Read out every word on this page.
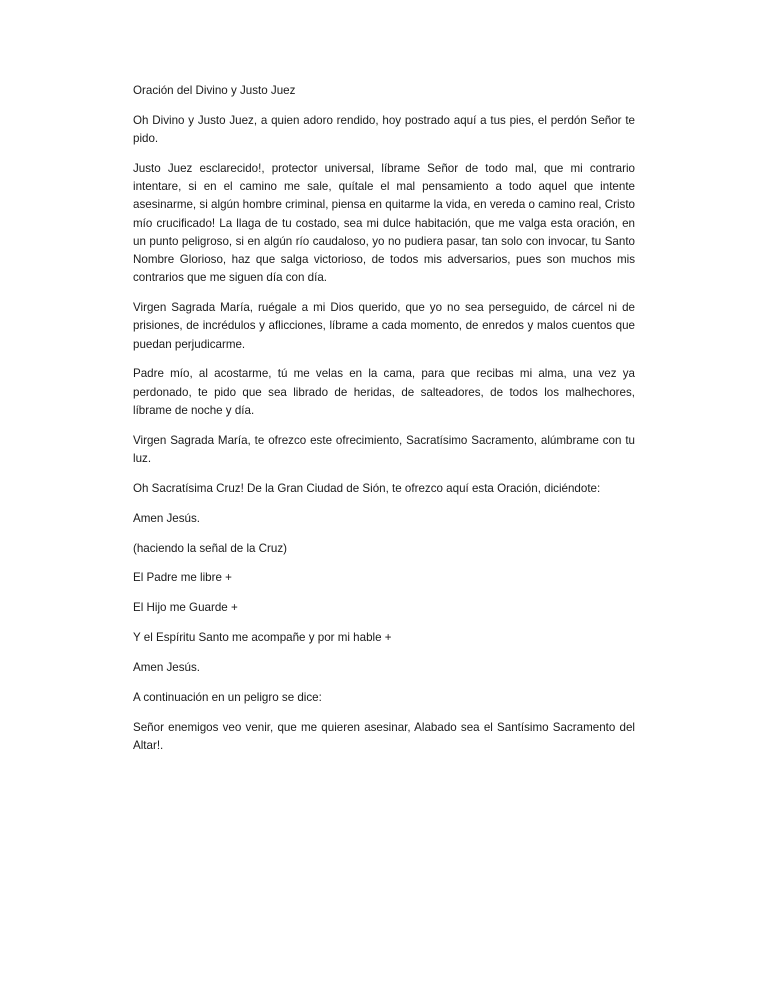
Oración del Divino y Justo Juez

Oh Divino y Justo Juez, a quien adoro rendido, hoy postrado aquí a tus pies, el perdón Señor te pido.

Justo Juez esclarecido!, protector universal, líbrame Señor de todo mal, que mi contrario intentare, si en el camino me sale, quítale el mal pensamiento a todo aquel que intente asesinarme, si algún hombre criminal, piensa en quitarme la vida, en vereda o camino real, Cristo mío crucificado! La llaga de tu costado, sea mi dulce habitación, que me valga esta oración, en un punto peligroso, si en algún río caudaloso, yo no pudiera pasar, tan solo con invocar, tu Santo Nombre Glorioso, haz que salga victorioso, de todos mis adversarios, pues son muchos mis contrarios que me siguen día con día.

Virgen Sagrada María, ruégale a mi Dios querido, que yo no sea perseguido, de cárcel ni de prisiones, de incrédulos y aflicciones, líbrame a cada momento, de enredos y malos cuentos que puedan perjudicarme.

Padre mío, al acostarme, tú me velas en la cama, para que recibas mi alma, una vez ya perdonado, te pido que sea librado de heridas, de salteadores, de todos los malhechores, líbrame de noche y día.

Virgen Sagrada María, te ofrezco este ofrecimiento, Sacratísimo Sacramento, alúmbrame con tu luz.

Oh Sacratísima Cruz! De la Gran Ciudad de Sión, te ofrezco aquí esta Oración, diciéndote:

Amen Jesús.

(haciendo la señal de la Cruz)

El Padre me libre +

El Hijo me Guarde +

Y el Espíritu Santo me acompañe y por mi hable +

Amen Jesús.

A continuación en un peligro se dice:

Señor enemigos veo venir, que me quieren asesinar, Alabado sea el Santísimo Sacramento del Altar!.
